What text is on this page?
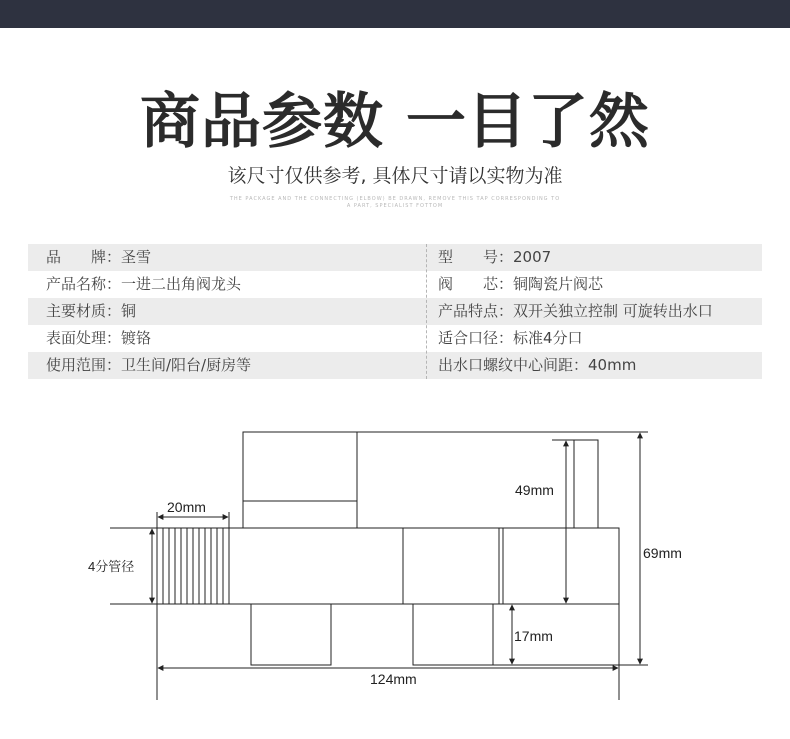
商品参数 一目了然
该尺寸仅供参考, 具体尺寸请以实物为准
THE PACKAGE AND THE CONNECTING (ELBOW) BE DRAWN, REMOVE THIS TAP CORRESPONDING TO
A PART, SPECIALIST FOTTOM
品　　牌：圣雪	型　　号：2007
产品名称：一进二出角阀龙头	阀　　芯：铜陶瓷片阀芯
主要材质：铜	产品特点：双开关独立控制 可旋转出水口
表面处理：镀铬	适合口径：标准4分口
使用范围：卫生间/阳台/厨房等	出水口螺纹中心间距：40mm
20mm
4分管径
49mm
69mm
17mm
124mm
